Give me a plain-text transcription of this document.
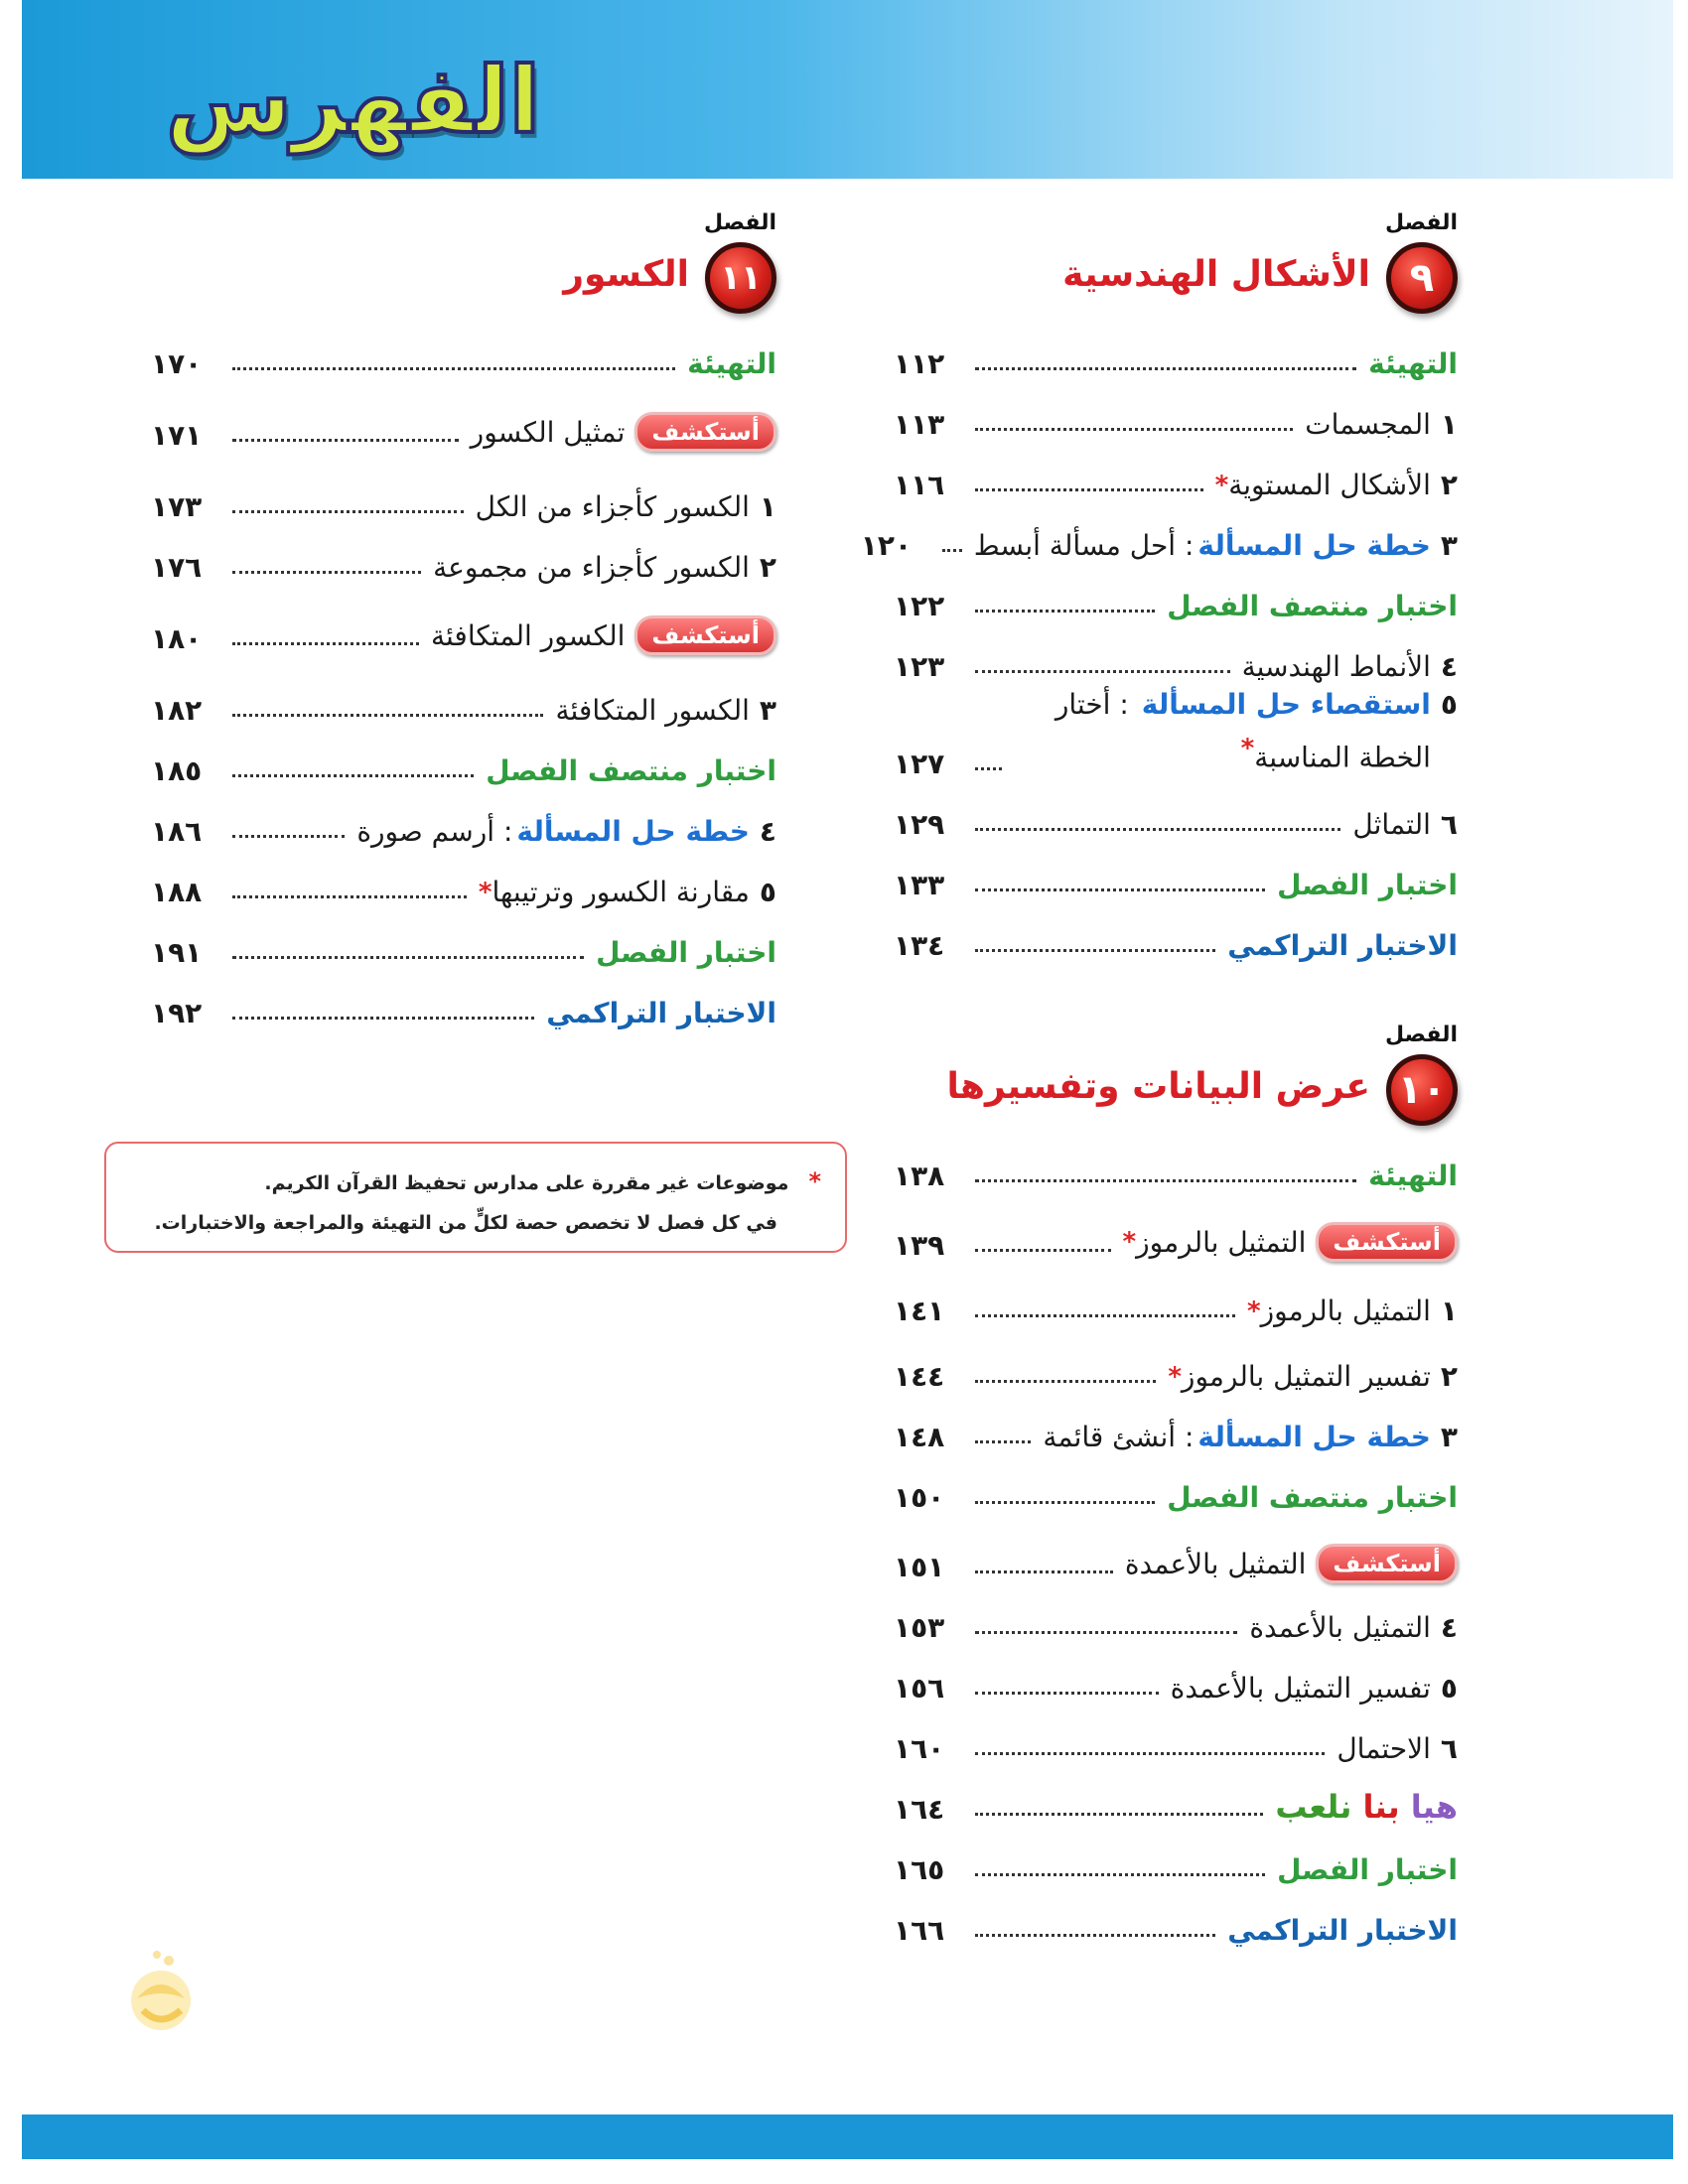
الفهرس
الفصل
٩
الأشكال الهندسية
التهيئة
١١٢
١
المجسمات
١١٣
٢
الأشكال المستوية
*
١١٦
٣
خطة حل المسألة
: أحل مسألة أبسط
١٢٠
اختبار منتصف الفصل
١٢٢
٤
الأنماط الهندسية
١٢٣
٥
استقصاء حل المسألة : أختار الخطة المناسبة*
١٢٧
٦
التماثل
١٢٩
اختبار الفصل
١٣٣
الاختبار التراكمي
١٣٤
الفصل
١٠
عرض البيانات وتفسيرها
التهيئة
١٣٨
أستكشف
التمثيل بالرموز
*
١٣٩
١
التمثيل بالرموز
*
١٤١
٢
تفسير التمثيل بالرموز
*
١٤٤
٣
خطة حل المسألة
: أنشئ قائمة
١٤٨
اختبار منتصف الفصل
١٥٠
أستكشف
التمثيل بالأعمدة
١٥١
٤
التمثيل بالأعمدة
١٥٣
٥
تفسير التمثيل بالأعمدة
١٥٦
٦
الاحتمال
١٦٠
هيا

بنا

نلعب
١٦٤
اختبار الفصل
١٦٥
الاختبار التراكمي
١٦٦
الفصل
١١
الكسور
التهيئة
١٧٠
أستكشف
تمثيل الكسور
١٧١
١
الكسور كأجزاء من الكل
١٧٣
٢
الكسور كأجزاء من مجموعة
١٧٦
أستكشف
الكسور المتكافئة
١٨٠
٣
الكسور المتكافئة
١٨٢
اختبار منتصف الفصل
١٨٥
٤
خطة حل المسألة
: أرسم صورة
١٨٦
٥
مقارنة الكسور وترتيبها
*
١٨٨
اختبار الفصل
١٩١
الاختبار التراكمي
١٩٢
*موضوعات غير مقررة على مدارس تحفيظ القرآن الكريم.
في كل فصل لا تخصص حصة لكلٍّ من التهيئة والمراجعة والاختبارات.
